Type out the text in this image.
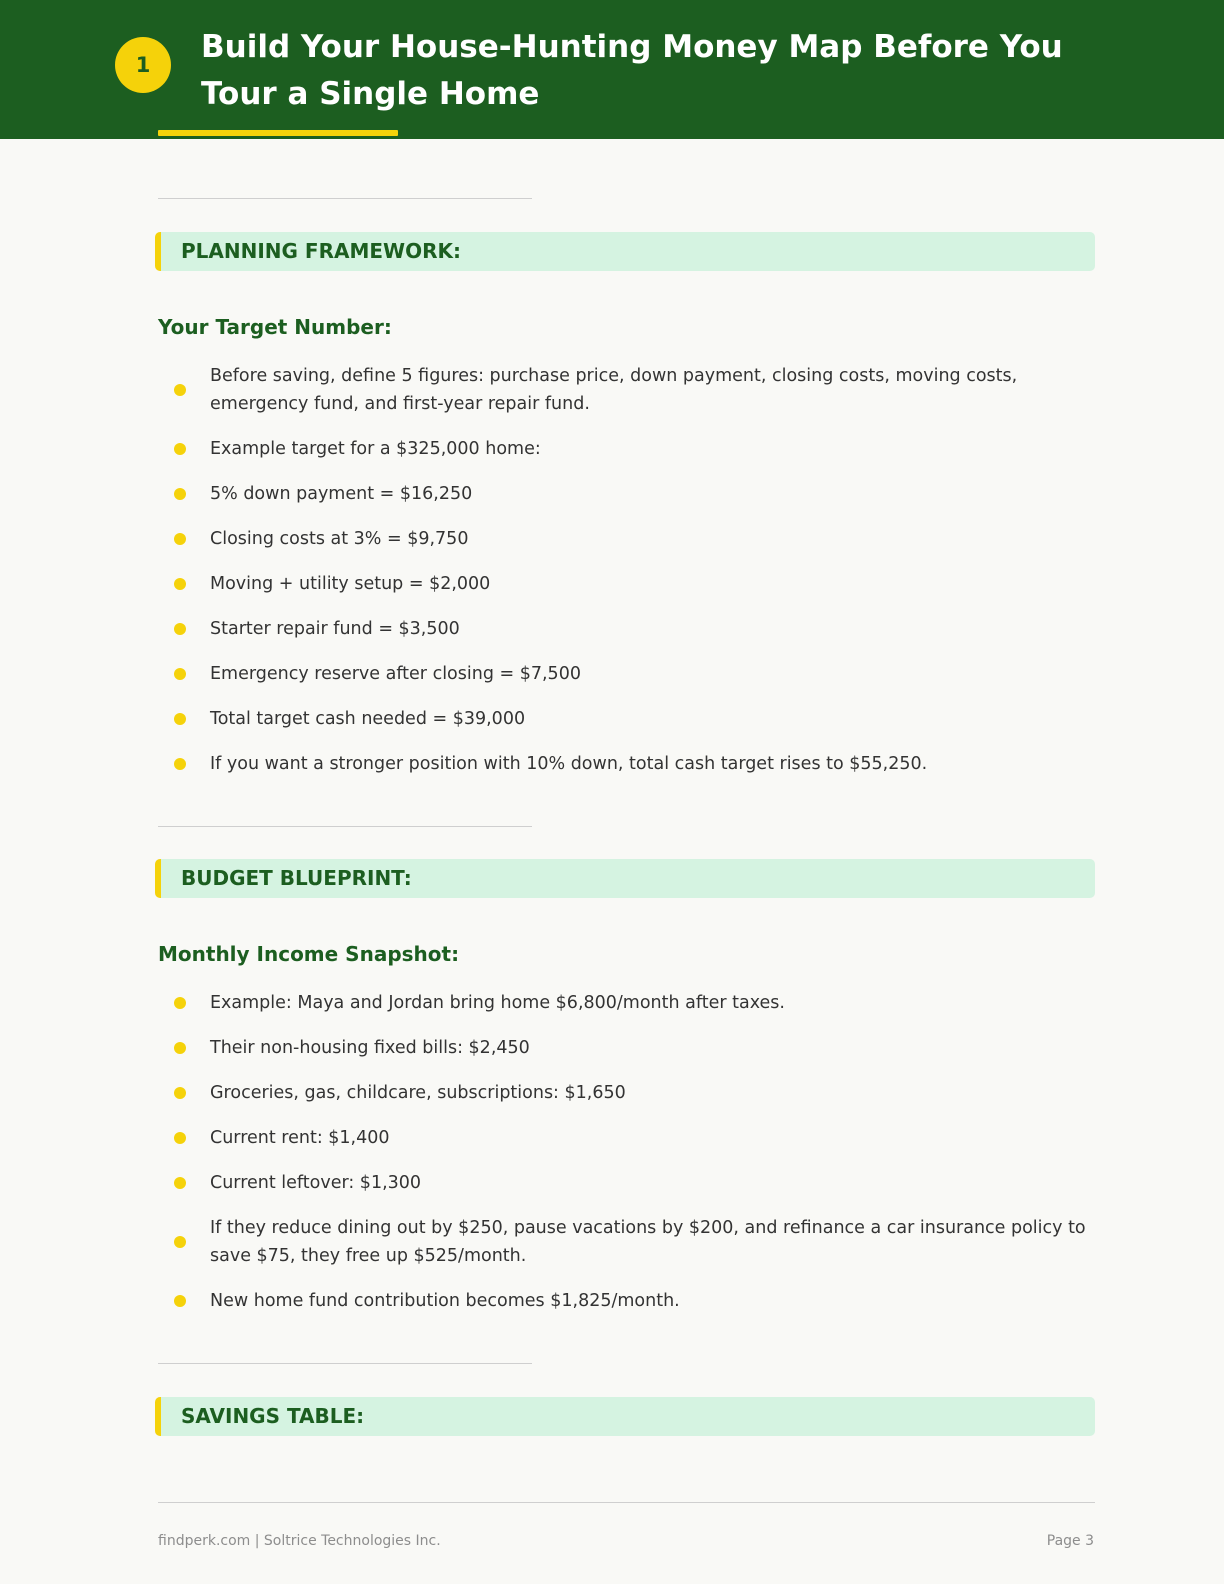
1	Build Your House-Hunting Money Map Before You Tour a Single Home
PLANNING FRAMEWORK:
Your Target Number:
Before saving, define 5 figures: purchase price, down payment, closing costs, moving costs, emergency fund, and first-year repair fund.
Example target for a $325,000 home:
5% down payment = $16,250
Closing costs at 3% = $9,750
Moving + utility setup = $2,000
Starter repair fund = $3,500
Emergency reserve after closing = $7,500
Total target cash needed = $39,000
If you want a stronger position with 10% down, total cash target rises to $55,250.
BUDGET BLUEPRINT:
Monthly Income Snapshot:
Example: Maya and Jordan bring home $6,800/month after taxes.
Their non-housing fixed bills: $2,450
Groceries, gas, childcare, subscriptions: $1,650
Current rent: $1,400
Current leftover: $1,300
If they reduce dining out by $250, pause vacations by $200, and refinance a car insurance policy to save $75, they free up $525/month.
New home fund contribution becomes $1,825/month.
SAVINGS TABLE:
findperk.com | Soltrice Technologies Inc.	Page 3
